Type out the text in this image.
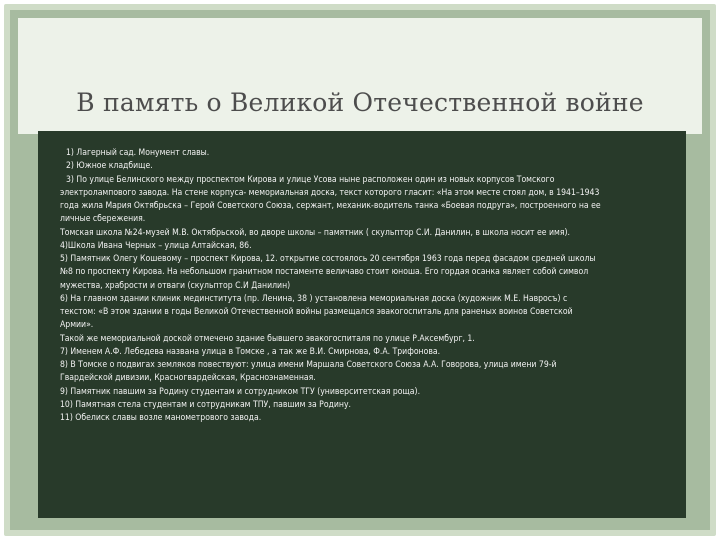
В память о Великой Отечественной войне
1) Лагерный сад. Монумент славы.
2) Южное кладбище.
3) По улице Белинского между проспектом Кирова и улице Усова ныне расположен один из новых корпусов Томского
электролампового завода. На стене корпуса- мемориальная доска, текст которого гласит: «На этом месте стоял дом, в 1941–1943
года жила Мария Октябрьска – Герой Советского Союза, сержант, механик-водитель танка «Боевая подруга», построенного на ее
личные сбережения.
Томская школа №24-музей М.В. Октябрьской, во дворе школы – памятник ( скульптор С.И. Данилин, в школа носит ее имя).
4)Школа Ивана Черных – улица Алтайская, 86.
5) Памятник Олегу Кошевому – проспект Кирова, 12. открытие состоялось 20 сентября 1963 года перед фасадом средней школы
№8 по проспекту Кирова. На небольшом гранитном постаменте величаво стоит юноша. Его гордая осанка являет собой символ
мужества, храбрости и отваги (скульптор С.И Данилин)
6) На главном здании клиник мединститута (пр. Ленина, 38 ) установлена мемориальная доска (художник М.Е. Навросъ) с
текстом: «В этом здании в годы Великой Отечественной войны размещался эвакогоспиталь для раненых воинов Советской
Армии».
Такой же мемориальной доской отмечено здание бывшего эвакогоспиталя по улице Р.Аксембург, 1.
7) Именем А.Ф. Лебедева названа улица в Томске , а так же В.И. Смирнова, Ф.А. Трифонова.
8) В Томске о подвигах земляков повествуют: улица имени Маршала Советского Союза А.А. Говорова, улица имени 79-й
Гвардейской дивизии, Красногвардейская, Красноэнаменная.
9) Памятник павшим за Родину студентам и сотрудником ТГУ (университетская роща).
10) Памятная стела студентам и сотрудникам ТПУ, павшим за Родину.
11) Обелиск славы возле манометрового завода.
